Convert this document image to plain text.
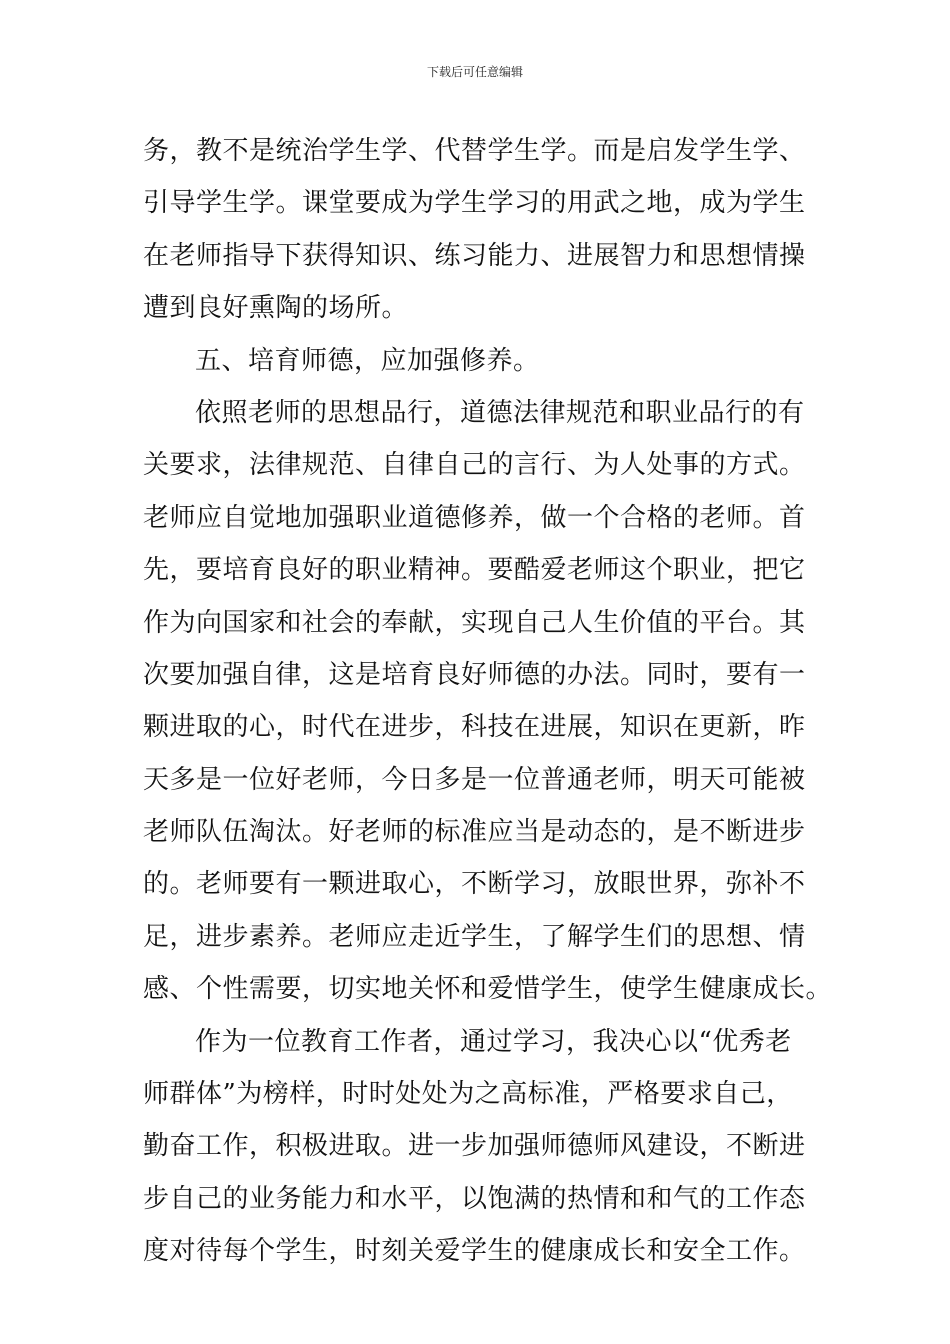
下载后可任意编辑
务，教不是统治学生学、代替学生学。而是启发学生学、
引导学生学。课堂要成为学生学习的用武之地，成为学生
在老师指导下获得知识、练习能力、进展智力和思想情操
遭到良好熏陶的场所。
五、培育师德，应加强修养。
依照老师的思想品行，道德法律规范和职业品行的有
关要求，法律规范、自律自己的言行、为人处事的方式。
老师应自觉地加强职业道德修养，做一个合格的老师。首
先，要培育良好的职业精神。要酷爱老师这个职业，把它
作为向国家和社会的奉献，实现自己人生价值的平台。其
次要加强自律，这是培育良好师德的办法。同时，要有一
颗进取的心，时代在进步，科技在进展，知识在更新，昨
天多是一位好老师，今日多是一位普通老师，明天可能被
老师队伍淘汰。好老师的标准应当是动态的，是不断进步
的。老师要有一颗进取心，不断学习，放眼世界，弥补不
足，进步素养。老师应走近学生，了解学生们的思想、情
感、个性需要，切实地关怀和爱惜学生，使学生健康成长。
作为一位教育工作者，通过学习，我决心以“优秀老
师群体”为榜样，时时处处为之高标准，严格要求自己，
勤奋工作，积极进取。进一步加强师德师风建设，不断进
步自己的业务能力和水平，以饱满的热情和和气的工作态
度对待每个学生，时刻关爱学生的健康成长和安全工作。
